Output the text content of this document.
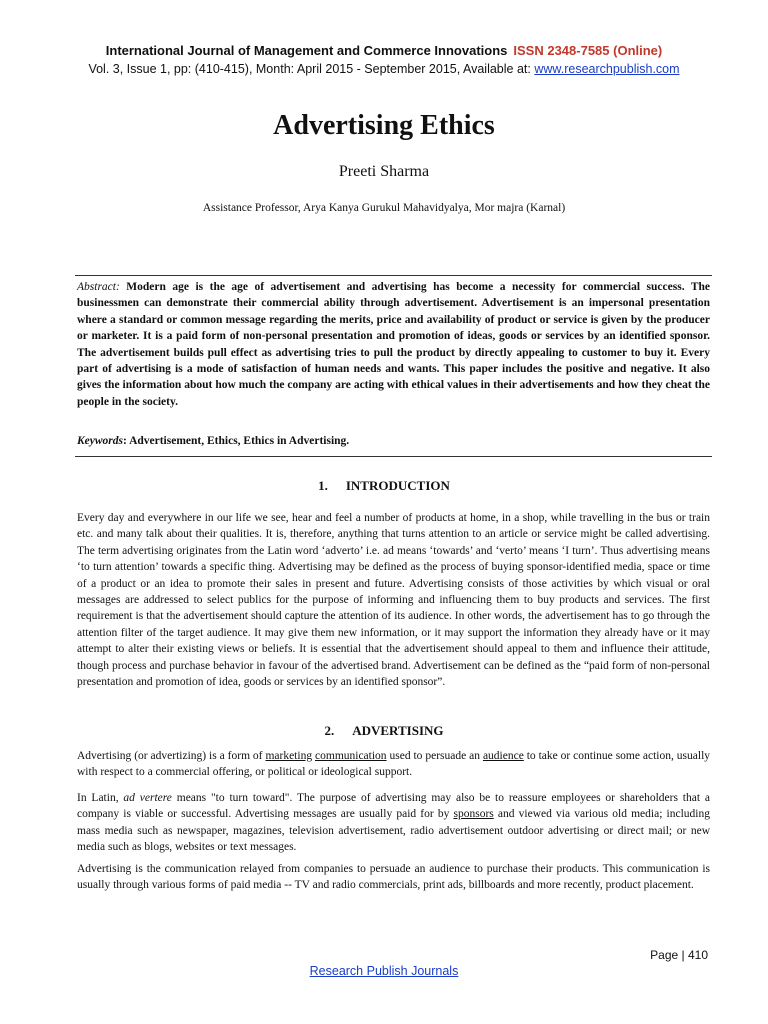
International Journal of Management and Commerce Innovations ISSN 2348-7585 (Online)
Vol. 3, Issue 1, pp: (410-415), Month: April 2015 - September 2015, Available at: www.researchpublish.com
Advertising Ethics
Preeti Sharma
Assistance Professor, Arya Kanya Gurukul Mahavidyalya, Mor majra (Karnal)
Abstract: Modern age is the age of advertisement and advertising has become a necessity for commercial success. The businessmen can demonstrate their commercial ability through advertisement. Advertisement is an impersonal presentation where a standard or common message regarding the merits, price and availability of product or service is given by the producer or marketer. It is a paid form of non-personal presentation and promotion of ideas, goods or services by an identified sponsor. The advertisement builds pull effect as advertising tries to pull the product by directly appealing to customer to buy it. Every part of advertising is a mode of satisfaction of human needs and wants. This paper includes the positive and negative. It also gives the information about how much the company are acting with ethical values in their advertisements and how they cheat the people in the society.
Keywords: Advertisement, Ethics, Ethics in Advertising.
1. INTRODUCTION
Every day and everywhere in our life we see, hear and feel a number of products at home, in a shop, while travelling in the bus or train etc. and many talk about their qualities. It is, therefore, anything that turns attention to an article or service might be called advertising. The term advertising originates from the Latin word ‘adverto’ i.e. ad means ‘towards’ and ‘verto’ means ‘I turn’. Thus advertising means ‘to turn attention’ towards a specific thing. Advertising may be defined as the process of buying sponsor-identified media, space or time of a product or an idea to promote their sales in present and future. Advertising consists of those activities by which visual or oral messages are addressed to select publics for the purpose of informing and influencing them to buy products and services. The first requirement is that the advertisement should capture the attention of its audience. In other words, the advertisement has to go through the attention filter of the target audience. It may give them new information, or it may support the information they already have or it may attempt to alter their existing views or beliefs. It is essential that the advertisement should appeal to them and influence their attitude, though process and purchase behavior in favour of the advertised brand. Advertisement can be defined as the “paid form of non-personal presentation and promotion of idea, goods or services by an identified sponsor”.
2. ADVERTISING
Advertising (or advertizing) is a form of marketing communication used to persuade an audience to take or continue some action, usually with respect to a commercial offering, or political or ideological support.
In Latin, ad vertere means "to turn toward". The purpose of advertising may also be to reassure employees or shareholders that a company is viable or successful. Advertising messages are usually paid for by sponsors and viewed via various old media; including mass media such as newspaper, magazines, television advertisement, radio advertisement outdoor advertising or direct mail; or new media such as blogs, websites or text messages.
Advertising is the communication relayed from companies to persuade an audience to purchase their products. This communication is usually through various forms of paid media -- TV and radio commercials, print ads, billboards and more recently, product placement.
Page | 410
Research Publish Journals
